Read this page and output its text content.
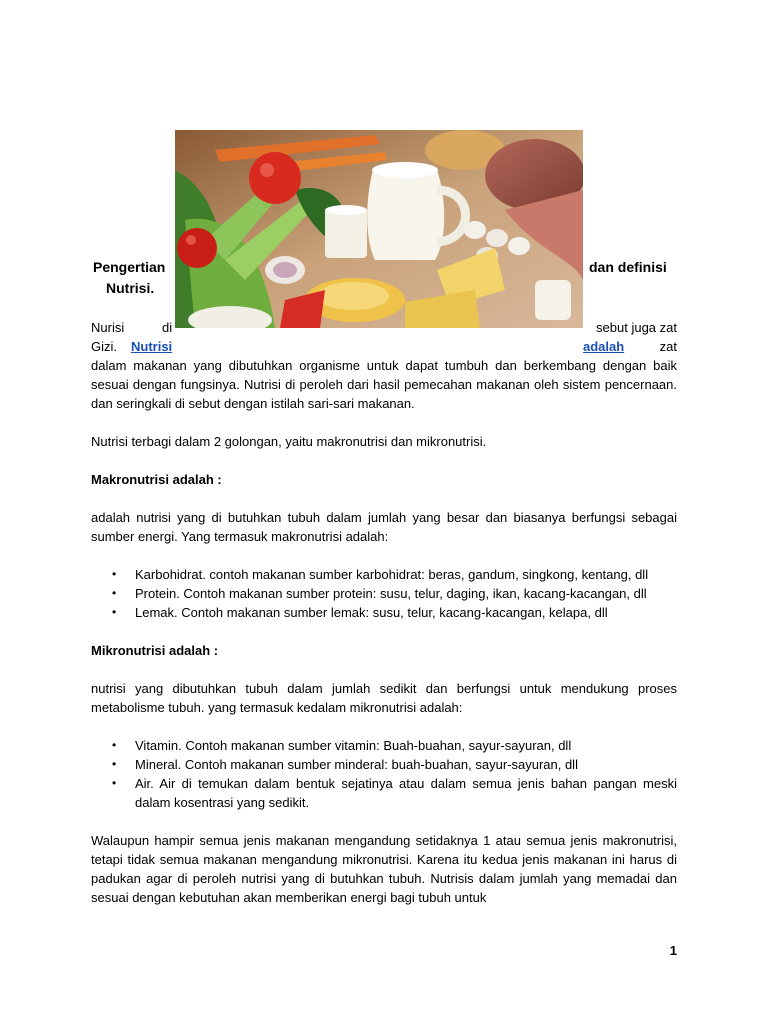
Pengertian
Nutrisi.
dan definisi
Nurisi	di	sebut juga zat
Gizi. Nutrisi	adalah	zat

dalam makanan yang dibutuhkan organisme untuk dapat tumbuh dan berkembang dengan baik sesuai dengan fungsinya. Nutrisi di peroleh dari hasil pemecahan makanan oleh sistem pencernaan. dan seringkali di sebut dengan istilah sari-sari makanan.

Nutrisi terbagi dalam 2 golongan, yaitu makronutrisi dan mikronutrisi.

Makronutrisi adalah :

adalah nutrisi yang di butuhkan tubuh dalam jumlah yang besar dan biasanya berfungsi sebagai sumber energi. Yang termasuk makronutrisi adalah:

• Karbohidrat. contoh makanan sumber karbohidrat: beras, gandum, singkong, kentang, dll
• Protein. Contoh makanan sumber protein: susu, telur, daging, ikan, kacang-kacangan, dll
• Lemak. Contoh makanan sumber lemak: susu, telur, kacang-kacangan, kelapa, dll

Mikronutrisi adalah :

nutrisi yang dibutuhkan tubuh dalam jumlah sedikit dan berfungsi untuk mendukung proses metabolisme tubuh. yang termasuk kedalam mikronutrisi adalah:

• Vitamin. Contoh makanan sumber vitamin: Buah-buahan, sayur-sayuran, dll
• Mineral. Contoh makanan sumber minderal: buah-buahan, sayur-sayuran, dll
• Air. Air di temukan dalam bentuk sejatinya atau dalam semua jenis bahan pangan meski dalam kosentrasi yang sedikit.

Walaupun hampir semua jenis makanan mengandung setidaknya 1 atau semua jenis makronutrisi, tetapi tidak semua makanan mengandung mikronutrisi. Karena itu kedua jenis makanan ini harus di padukan agar di peroleh nutrisi yang di butuhkan tubuh. Nutrisis dalam jumlah yang memadai dan sesuai dengan kebutuhan akan memberikan energi bagi tubuh untuk

1
